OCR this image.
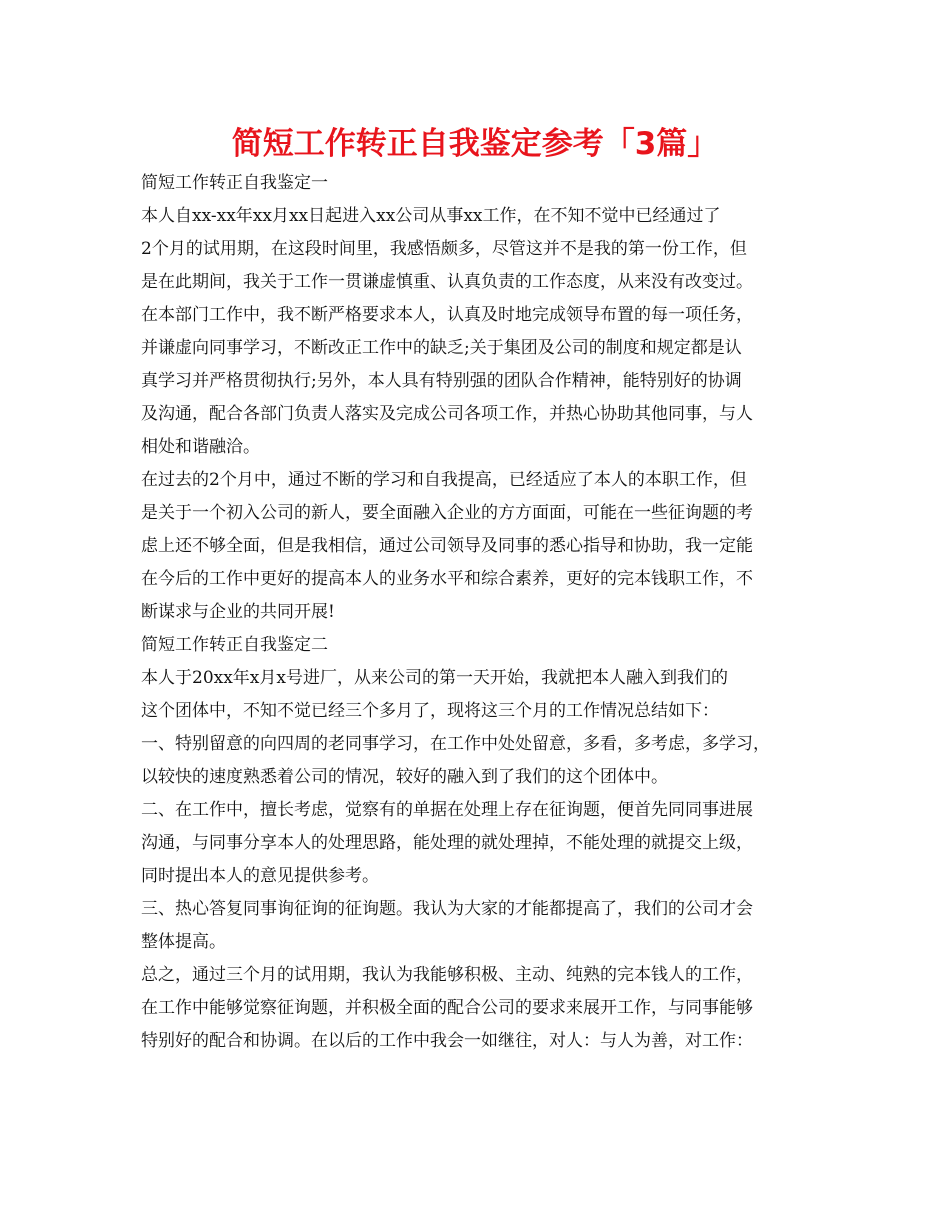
简短工作转正自我鉴定参考「3篇」
简短工作转正自我鉴定一
本人自xx-xx年xx月xx日起进入xx公司从事xx工作，在不知不觉中已经通过了
2个月的试用期，在这段时间里，我感悟颇多，尽管这并不是我的第一份工作，但
是在此期间，我关于工作一贯谦虚慎重、认真负责的工作态度，从来没有改变过。
在本部门工作中，我不断严格要求本人，认真及时地完成领导布置的每一项任务，
并谦虚向同事学习，不断改正工作中的缺乏;关于集团及公司的制度和规定都是认
真学习并严格贯彻执行;另外，本人具有特别强的团队合作精神，能特别好的协调
及沟通，配合各部门负责人落实及完成公司各项工作，并热心协助其他同事，与人
相处和谐融洽。
在过去的2个月中，通过不断的学习和自我提高，已经适应了本人的本职工作，但
是关于一个初入公司的新人，要全面融入企业的方方面面，可能在一些征询题的考
虑上还不够全面，但是我相信，通过公司领导及同事的悉心指导和协助，我一定能
在今后的工作中更好的提高本人的业务水平和综合素养，更好的完本钱职工作，不
断谋求与企业的共同开展!
简短工作转正自我鉴定二
本人于20xx年x月x号进厂，从来公司的第一天开始，我就把本人融入到我们的
这个团体中，不知不觉已经三个多月了，现将这三个月的工作情况总结如下：
一、特别留意的向四周的老同事学习，在工作中处处留意，多看，多考虑，多学习，
以较快的速度熟悉着公司的情况，较好的融入到了我们的这个团体中。
二、在工作中，擅长考虑，觉察有的单据在处理上存在征询题，便首先同同事进展
沟通，与同事分享本人的处理思路，能处理的就处理掉，不能处理的就提交上级，
同时提出本人的意见提供参考。
三、热心答复同事询征询的征询题。我认为大家的才能都提高了，我们的公司才会
整体提高。
总之，通过三个月的试用期，我认为我能够积极、主动、纯熟的完本钱人的工作，
在工作中能够觉察征询题，并积极全面的配合公司的要求来展开工作，与同事能够
特别好的配合和协调。在以后的工作中我会一如继往，对人：与人为善，对工作：
